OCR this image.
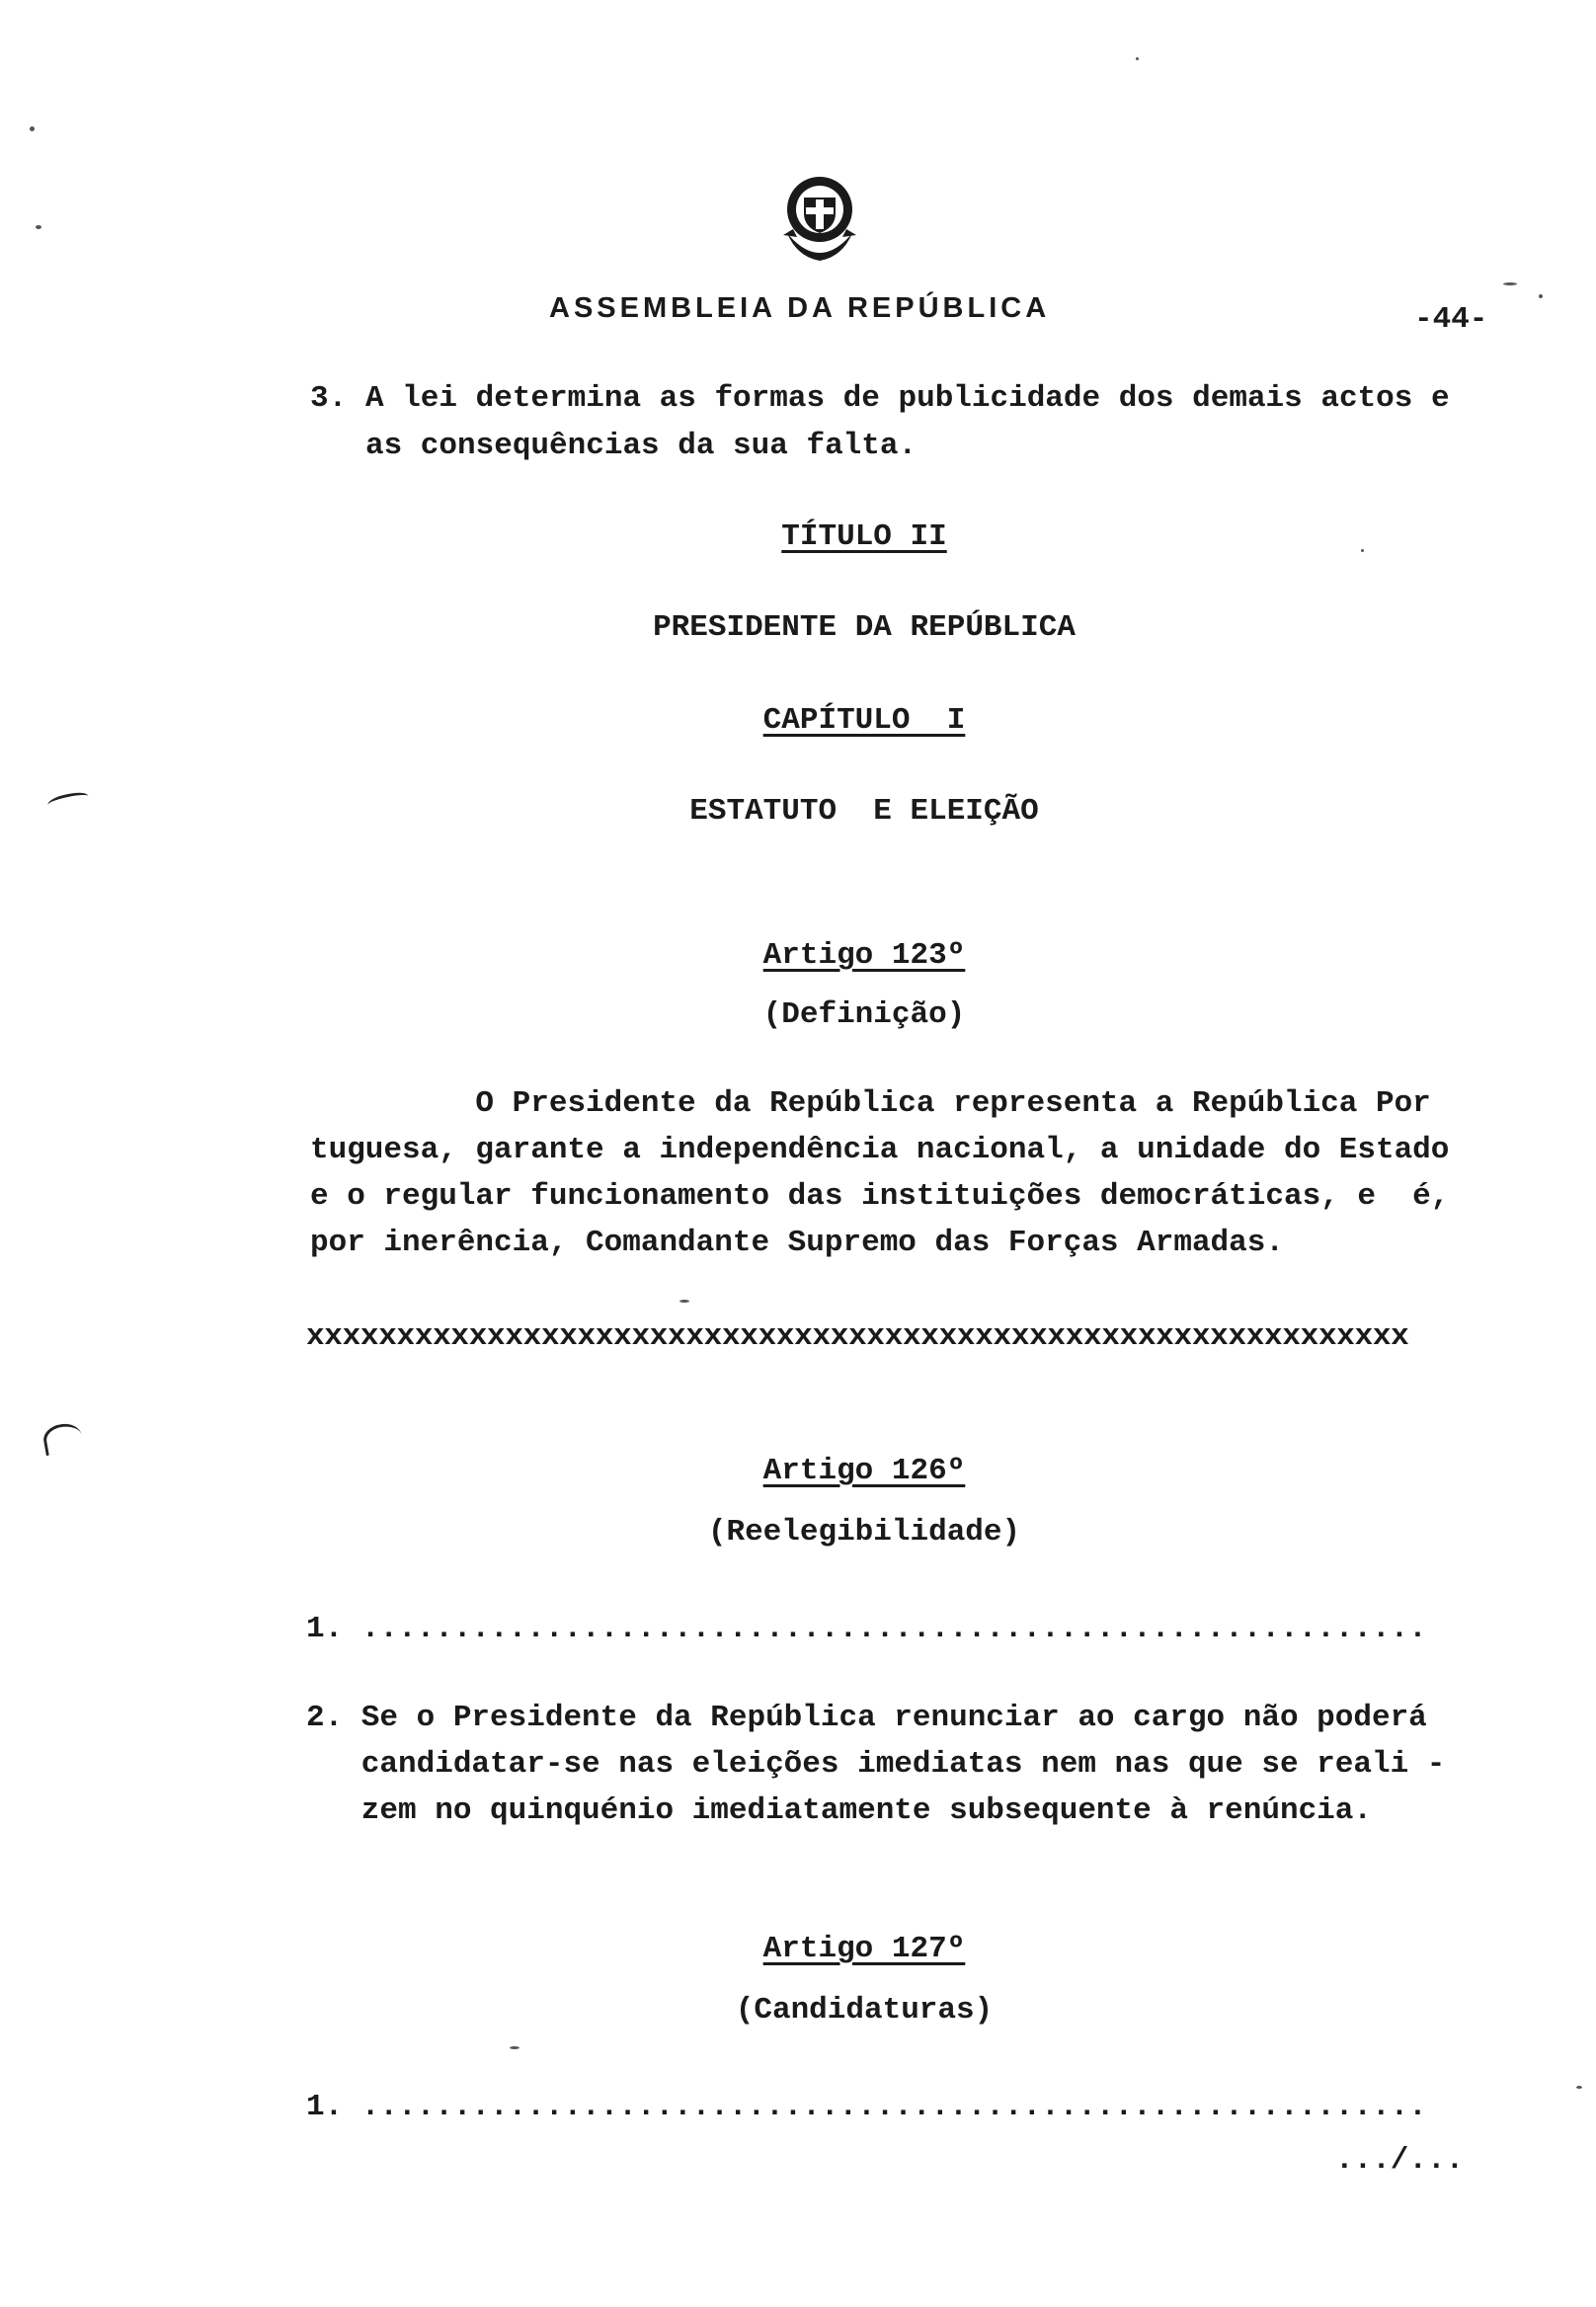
ASSEMBLEIA DA REPÚBLICA	-44-
3. A lei determina as formas de publicidade dos demais actos e
as consequências da sua falta.
TÍTULO II
PRESIDENTE DA REPÚBLICA
CAPÍTULO  I
ESTATUTO  E ELEIÇÃO
Artigo 123º
(Definição)
O Presidente da República representa a República Por
tuguesa, garante a independência nacional, a unidade do Estado
e o regular funcionamento das instituições democráticas, e  é,
por inerência, Comandante Supremo das Forças Armadas.
xxxxxxxxxxxxxxxxxxxxxxxxxxxxxxxxxxxxxxxxxxxxxxxxxxxxxxxxxxxxx
Artigo 126º
(Reelegibilidade)
1. ..........................................................
2. Se o Presidente da República renunciar ao cargo não poderá
candidatar-se nas eleições imediatas nem nas que se reali -
zem no quinquénio imediatamente subsequente à renúncia.
Artigo 127º
(Candidaturas)
1. ..........................................................
.../...
